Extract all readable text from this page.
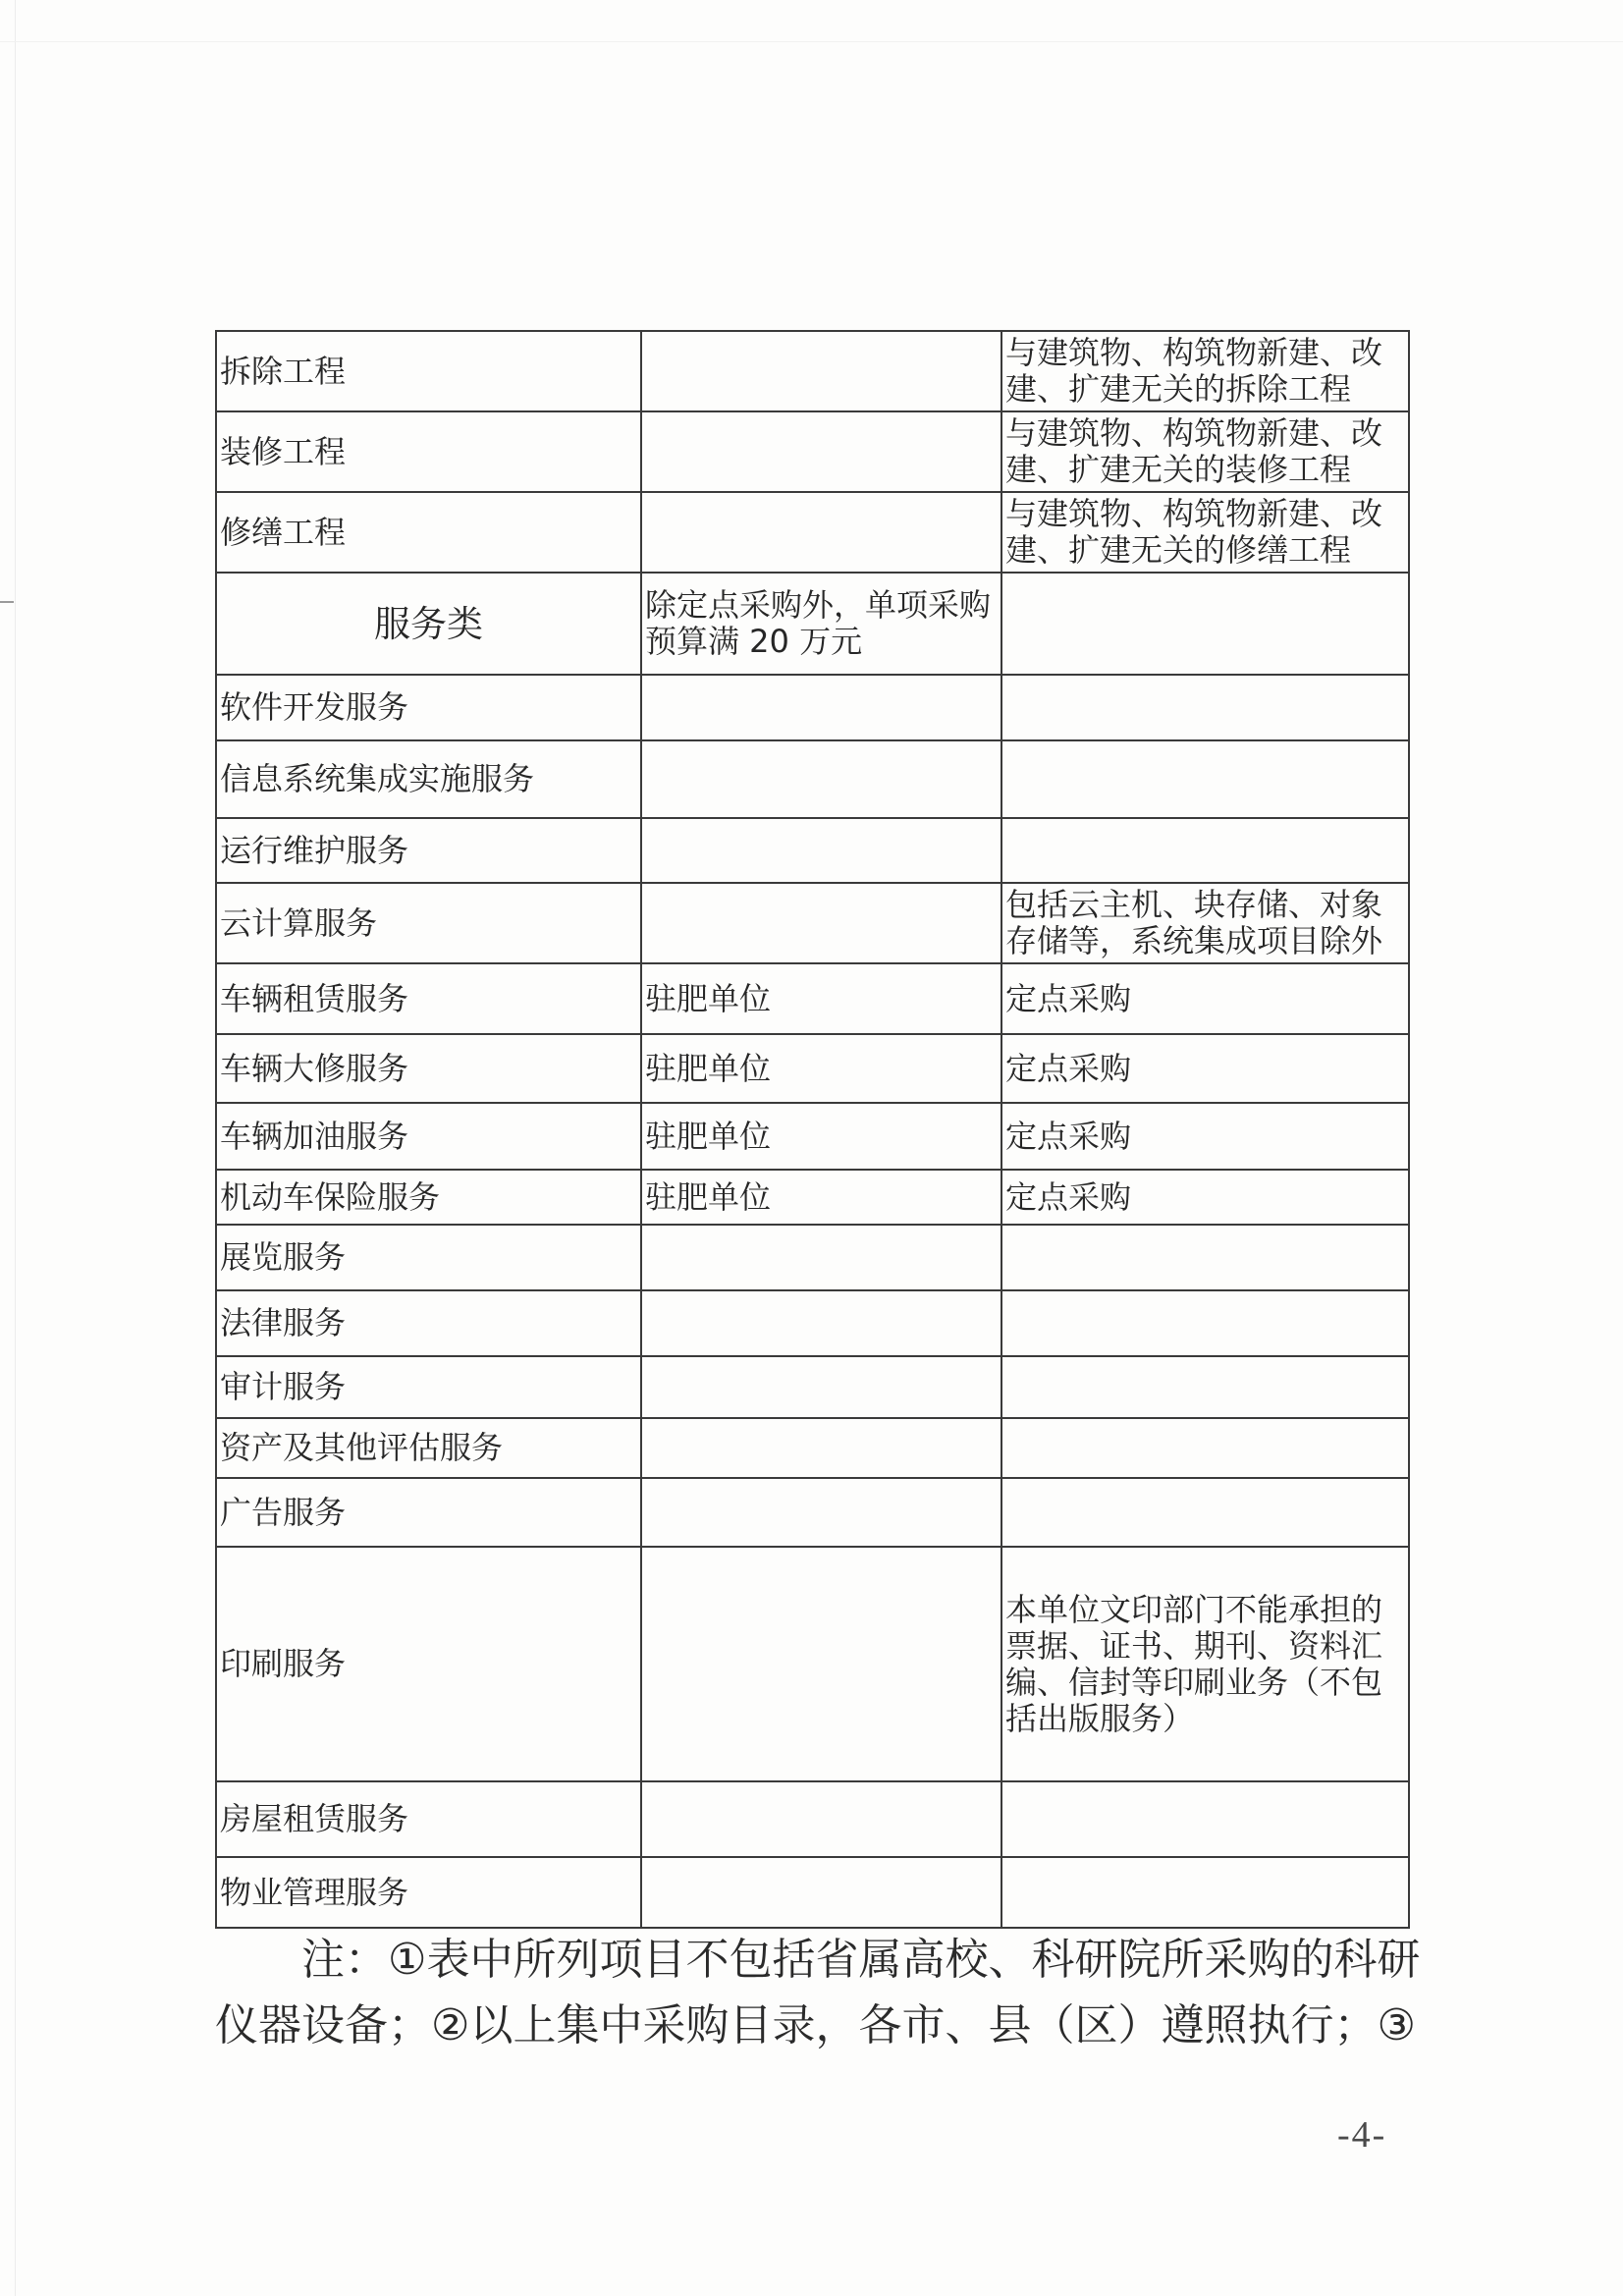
拆除工程		与建筑物、构筑物新建、改建、扩建无关的拆除工程
装修工程		与建筑物、构筑物新建、改建、扩建无关的装修工程
修缮工程		与建筑物、构筑物新建、改建、扩建无关的修缮工程
服务类	除定点采购外，单项采购预算满 20 万元	
软件开发服务		
信息系统集成实施服务		
运行维护服务		
云计算服务		包括云主机、块存储、对象存储等，系统集成项目除外
车辆租赁服务	驻肥单位	定点采购
车辆大修服务	驻肥单位	定点采购
车辆加油服务	驻肥单位	定点采购
机动车保险服务	驻肥单位	定点采购
展览服务		
法律服务		
审计服务		
资产及其他评估服务		
广告服务		
印刷服务		本单位文印部门不能承担的票据、证书、期刊、资料汇编、信封等印刷业务（不包括出版服务）
房屋租赁服务		
物业管理服务		
注：①表中所列项目不包括省属高校、科研院所采购的科研仪器设备；②以上集中采购目录，各市、县（区）遵照执行；③
-4-
